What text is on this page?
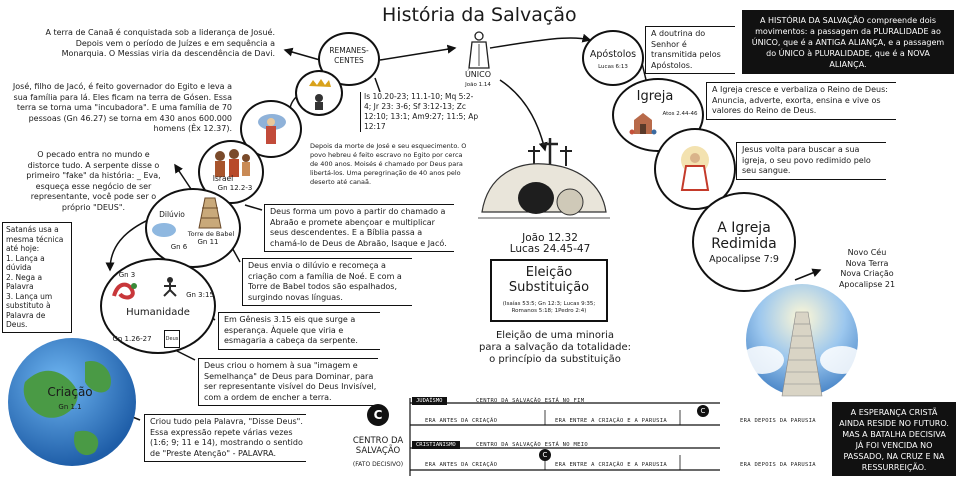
História da Salvação	A HISTÓRIA DA SALVAÇÃO compreende dois movimentos: a passagem da PLURALIDADE ao ÚNICO, que é a ANTIGA ALIANÇA, e a passagem do ÚNICO à PLURALIDADE, que é a NOVA ALIANÇA.
A terra de Canaã é conquistada sob a liderança de Josué. Depois vem o período de Juízes e em sequência a Monarquia. O Messias viria da descendência de Davi.
José, filho de Jacó, é feito governador do Egito e leva a sua família para lá. Eles ficam na terra de Gósen. Essa terra se torna uma "incubadora". E uma família de 70 pessoas (Gn 46.27) se torna em 430 anos 600.000 homens (Êx 12.37).
O pecado entra no mundo e distorce tudo. A serpente disse o primeiro "fake" da história: _ Eva, esqueça esse negócio de ser representante, você pode ser o próprio "DEUS".
Satanás usa a mesma técnica até hoje:
1. Lança a dúvida
2. Nega a Palavra
3. Lança um substituto à Palavra de Deus.
REMANES-
CENTES
Israel
Gn 12.2-3
Dilúvio
Gn 6
Torre de Babel
Gn 11
Gn 3
Gn 3:15
Humanidade
Gn 1.26-27	Deus
Criação
Gn 1.1
Is 10.20-23; 11.1-10; Mq 5:2-4; Jr 23: 3-6; Sf 3:12-13; Zc 12:10; 13:1; Am9:27; 11:5; Ap 12:17
Depois da morte de José e seu esquecimento. O povo hebreu é feito escravo no Egito por cerca de 400 anos. Moisés é chamado por Deus para libertá-los. Uma peregrinação de 40 anos pelo deserto até canaã.
Deus forma um povo a partir do chamado a Abraão e promete abençoar e multiplicar seus descendentes. E a Bíblia passa a chamá-lo de Deus de Abraão, Isaque e Jacó.
Deus envia o dilúvio e recomeça a criação com a família de Noé. E com a Torre de Babel todos são espalhados, surgindo novas línguas.
Em Gênesis 3.15 eis que surge a esperança. Àquele que viria e esmagaria a cabeça da serpente.
Deus criou o homem à sua "imagem e Semelhança" de Deus para Dominar, para ser representante visível do Deus Invisível, com a ordem de encher a terra.
Criou tudo pela Palavra, "Disse Deus". Essa expressão repete várias vezes (1:6; 9; 11 e 14), mostrando o sentido de "Preste Atenção" - PALAVRA.
ÚNICO
João 1.14
João 12.32
Lucas 24.45-47
Eleição
Substituição
(Isaías 53:5; Gn 12:3; Lucas 9:35; Romanos 5:18; 1Pedro 2:4)
Eleição de uma minoria
para a salvação da totalidade:
o princípio da substituição
Apóstolos
Lucas 6:13
A doutrina do Senhor é transmitida pelos Apóstolos.
Igreja
Atos 2.44-46
A Igreja cresce e verbaliza o Reino de Deus: Anuncia, adverte, exorta, ensina e vive os valores do Reino de Deus.
Jesus volta para buscar a sua igreja, o seu povo redimido pelo seu sangue.
A Igreja
Redimida
Apocalipse 7:9
Novo Céu
Nova Terra
Nova Criação
Apocalipse 21
A ESPERANÇA CRISTÃ AINDA RESIDE NO FUTURO. MAS A BATALHA DECISIVA JÁ FOI VENCIDA NO PASSADO, NA CRUZ E NA RESSURREIÇÃO.
C
CENTRO DA
SALVAÇÃO
(FATO DECISIVO)
JUDAÍSMO	CENTRO DA SALVAÇÃO ESTÁ NO FIM
ERA ANTES DA CRIAÇÃO	ERA ENTRE A CRIAÇÃO E A PARUSIA	ERA DEPOIS DA PARUSIA
C
CRISTIANISMO	CENTRO DA SALVAÇÃO ESTÁ NO MEIO
ERA ANTES DA CRIAÇÃO	ERA ENTRE A CRIAÇÃO E A PARUSIA	ERA DEPOIS DA PARUSIA
C
